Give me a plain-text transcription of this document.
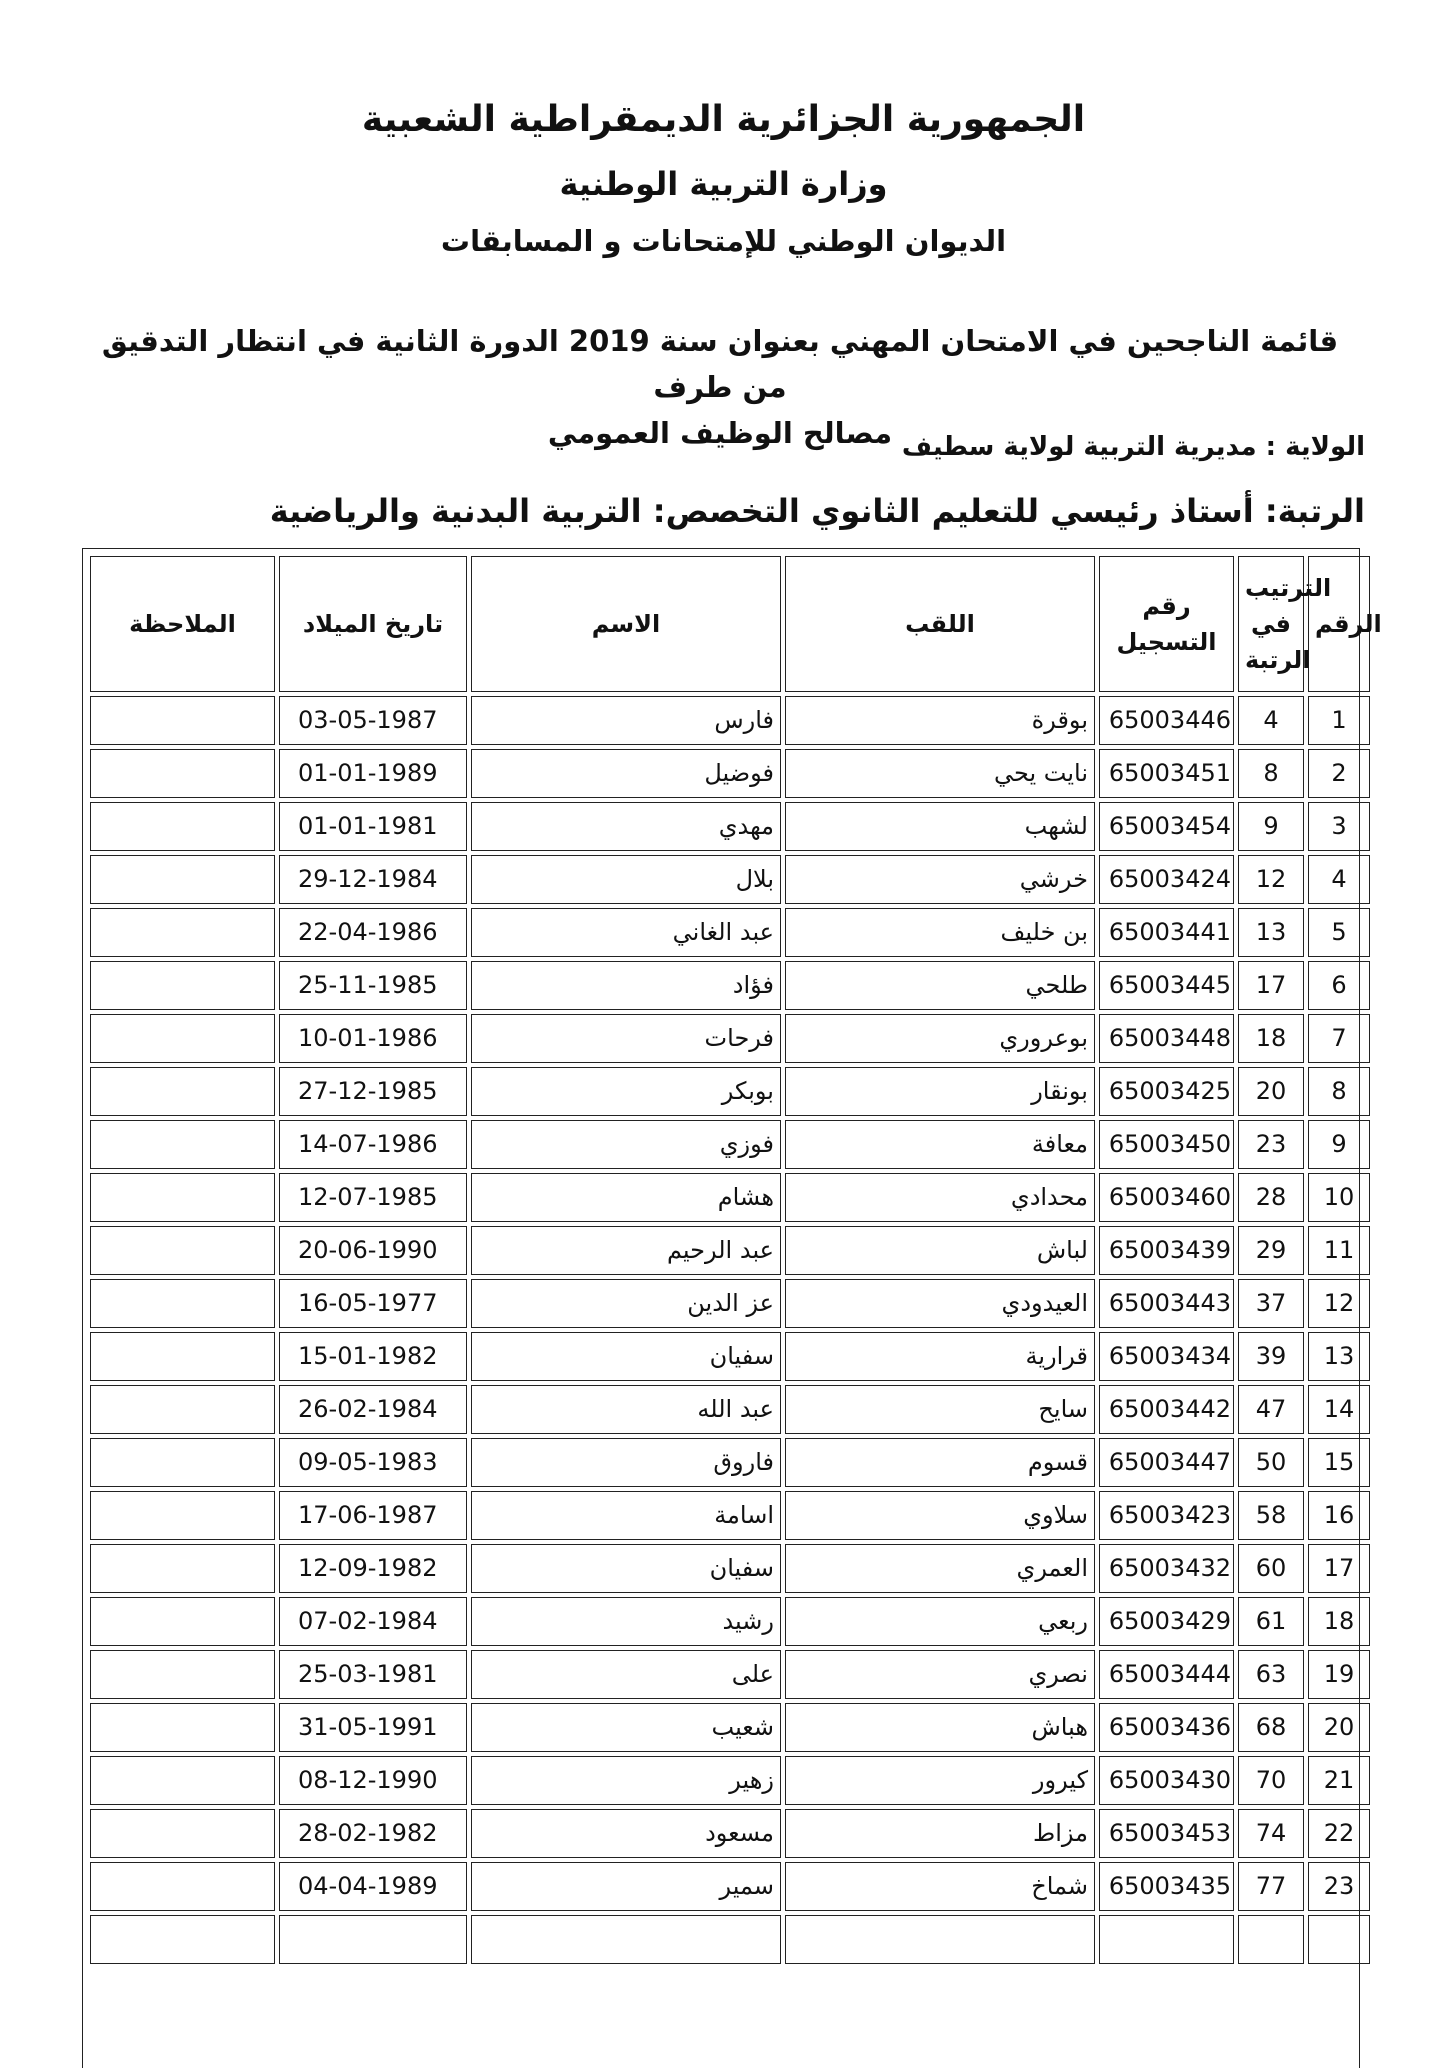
الجمهورية الجزائرية الديمقراطية الشعبية
وزارة التربية الوطنية
الديوان الوطني للإمتحانات و المسابقات
قائمة الناجحين في الامتحان المهني بعنوان سنة 2019 الدورة الثانية في انتظار التدقيق من طرف
مصالح الوظيف العمومي الولاية : مديرية التربية لولاية سطيف
الرتبة: أستاذ رئيسي للتعليم الثانوي التخصص: التربية البدنية والرياضية
الملاحظة	تاريخ الميلاد	الاسم	اللقب	رقم التسجيل	الترتيب في الرتبة	الرقم
	03-05-1987	فارس	بوقرة	65003446	4	1
	01-01-1989	فوضيل	نايت يحي	65003451	8	2
	01-01-1981	مهدي	لشهب	65003454	9	3
	29-12-1984	بلال	خرشي	65003424	12	4
	22-04-1986	عبد الغاني	بن خليف	65003441	13	5
	25-11-1985	فؤاد	طلحي	65003445	17	6
	10-01-1986	فرحات	بوعروري	65003448	18	7
	27-12-1985	بوبكر	بونقار	65003425	20	8
	14-07-1986	فوزي	معافة	65003450	23	9
	12-07-1985	هشام	محدادي	65003460	28	10
	20-06-1990	عبد الرحيم	لباش	65003439	29	11
	16-05-1977	عز الدين	العيدودي	65003443	37	12
	15-01-1982	سفيان	قرارية	65003434	39	13
	26-02-1984	عبد الله	سايح	65003442	47	14
	09-05-1983	فاروق	قسوم	65003447	50	15
	17-06-1987	اسامة	سلاوي	65003423	58	16
	12-09-1982	سفيان	العمري	65003432	60	17
	07-02-1984	رشيد	ربعي	65003429	61	18
	25-03-1981	على	نصري	65003444	63	19
	31-05-1991	شعيب	هباش	65003436	68	20
	08-12-1990	زهير	كيرور	65003430	70	21
	28-02-1982	مسعود	مزاط	65003453	74	22
	04-04-1989	سمير	شماخ	65003435	77	23
